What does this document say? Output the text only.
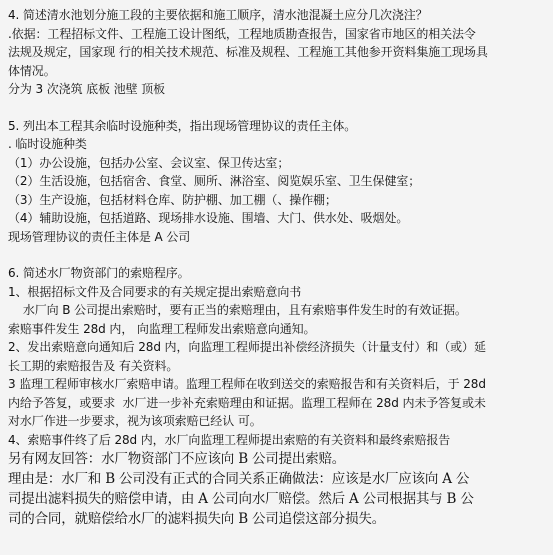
4. 简述清水池划分施工段的主要依据和施工顺序，清水池混凝土应分几次浇注？
.依据：工程招标文件、工程施工设计图纸，工程地质勘查报告，国家省市地区的相关法令
法规及规定，国家现 行的相关技术规范、标准及规程、工程施工其他参开资料集施工现场具
体情况。
分为 3 次浇筑 底板 池壁 顶板
5. 列出本工程其余临时设施种类，指出现场管理协议的责任主体。
. 临时设施种类
（1）办公设施，包括办公室、会议室、保卫传达室；
（2）生活设施，包括宿舍、食堂、厕所、淋浴室、阅览娱乐室、卫生保健室；
（3）生产设施，包括材料仓库、防护棚、加工棚（、操作棚；
（4）辅助设施，包括道路、现场排水设施、围墙、大门、供水处、吸烟处。
现场管理协议的责任主体是 A 公司
6. 简述水厂物资部门的索赔程序。
1、根据招标文件及合同要求的有关规定提出索赔意向书
水厂向 B 公司提出索赔时，要有正当的索赔理由，且有索赔事件发生时的有效证据。
索赔事件发生 28d 内， 向监理工程师发出索赔意向通知。
2、发出索赔意向通知后 28d 内，向监理工程师提出补偿经济损失（计量支付）和（或）延
长工期的索赔报告及 有关资料。
3 监理工程师审核水厂索赔申请。监理工程师在收到送交的索赔报告和有关资料后，于 28d
内给予答复，或要求  水厂进一步补充索赔理由和证据。监理工程师在 28d 内未予答复或未
对水厂作进一步要求，视为该项索赔已经认 可。
4、索赔事件终了后 28d 内，水厂向监理工程师提出索赔的有关资料和最终索赔报告
另有网友回答：水厂物资部门不应该向 B 公司提出索赔。
理由是：水厂和 B 公司没有正式的合同关系正确做法：应该是水厂应该向 A 公
司提出滤料损失的赔偿申请，由 A 公司向水厂赔偿。然后 A 公司根据其与 B 公
司的合同，就赔偿给水厂的滤料损失向 B 公司追偿这部分损失。
